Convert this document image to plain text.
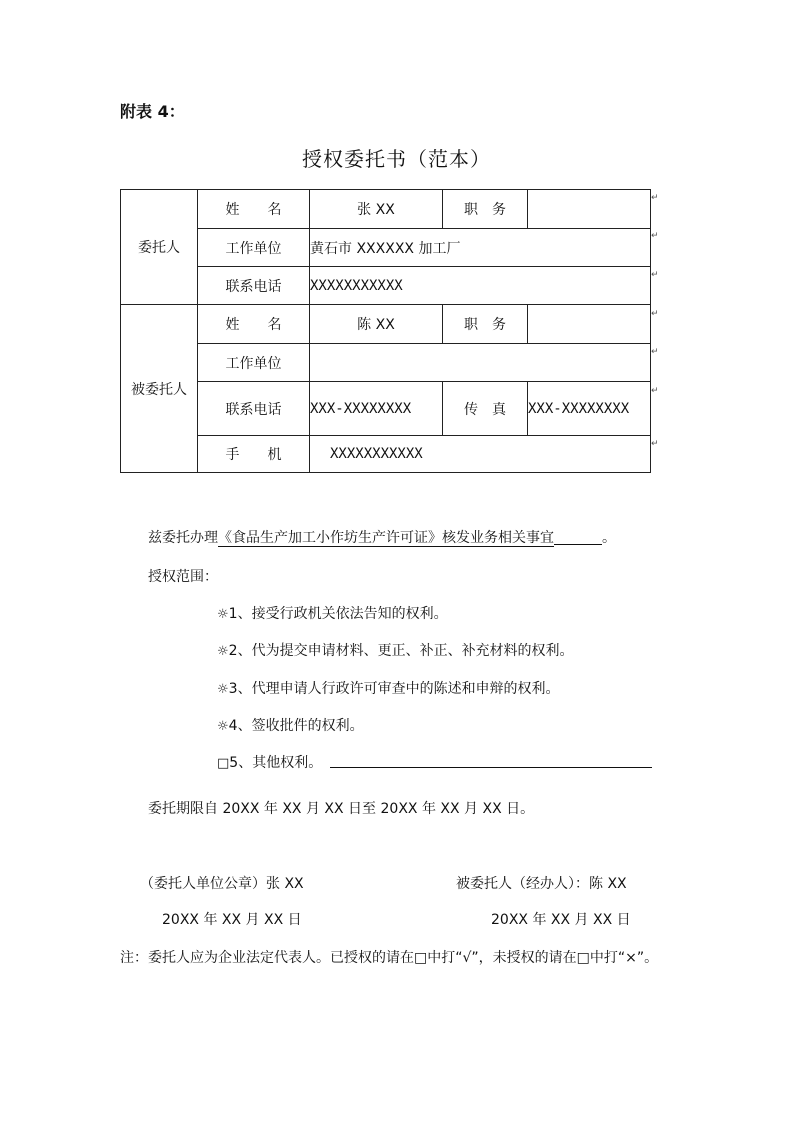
附表 4：
授权委托书（范本）
委托人	姓　　名	张 XX	职　务	
	工作单位	黄石市 XXXXXX 加工厂		
	联系电话	XXXXXXXXXXX		
被委托人	姓　　名	陈 XX	职　务	
	工作单位			
	联系电话	XXX-XXXXXXXX	传　真	XXX-XXXXXXXX
	手　　机	XXXXXXXXXXX		
↵
↵
↵
↵
↵
↵
↵
兹委托办理《食品生产加工小作坊生产许可证》核发业务相关事宜	。
授权范围：
☼1、接受行政机关依法告知的权利。
☼2、代为提交申请材料、更正、补正、补充材料的权利。
☼3、代理申请人行政许可审查中的陈述和申辩的权利。
☼4、签收批件的权利。
□5、其他权利。
委托期限自 20XX 年 XX 月 XX 日至 20XX 年 XX 月 XX 日。
（委托人单位公章）张 XX	被委托人（经办人）：陈 XX
20XX 年 XX 月 XX 日	20XX 年 XX 月 XX 日
注：委托人应为企业法定代表人。已授权的请在□中打“√”，未授权的请在□中打“×”。
